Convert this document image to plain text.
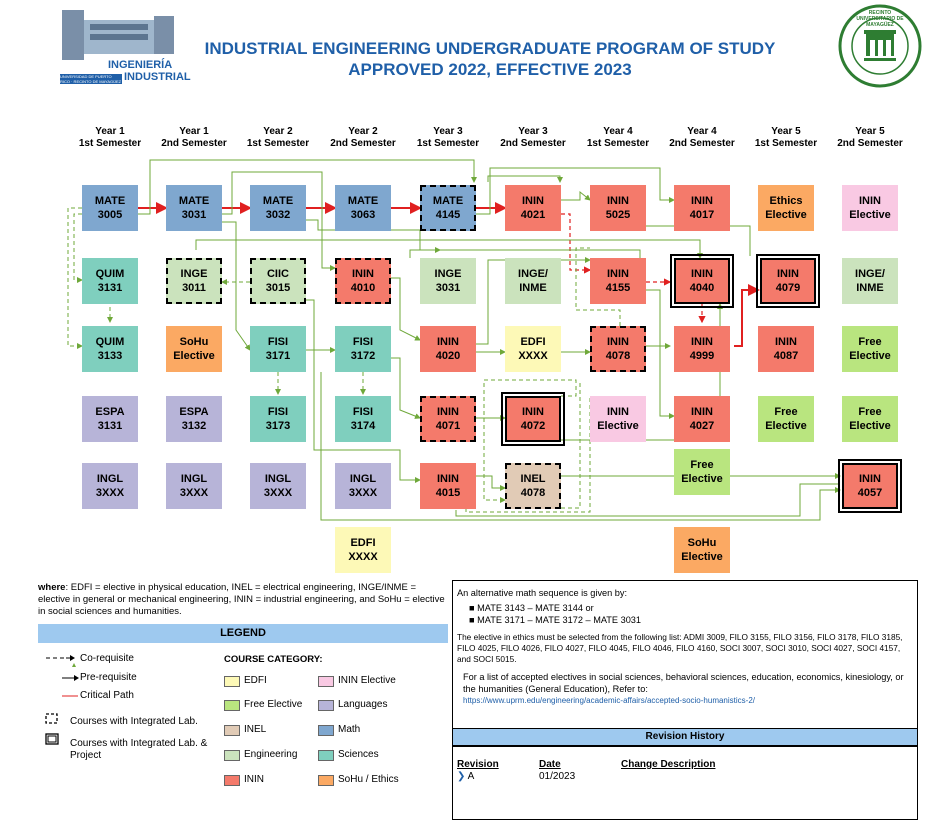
INGENIERÍA
INDUSTRIAL
UNIVERSIDAD DE PUERTO RICO · RECINTO DE MAYAGÜEZ
INDUSTRIAL ENGINEERING UNDERGRADUATE PROGRAM OF STUDY
APPROVED 2022, EFFECTIVE 2023
RECINTO UNIVERSITARIO DE MAYAGÜEZ
Year 1
1st Semester
Year 1
2nd Semester
Year 2
1st Semester
Year 2
2nd Semester
Year 3
1st Semester
Year 3
2nd Semester
Year 4
1st Semester
Year 4
2nd Semester
Year 5
1st Semester
Year 5
2nd Semester
MATE
3005
MATE
3031
MATE
3032
MATE
3063
MATE
4145
ININ
4021
ININ
5025
ININ
4017
Ethics
Elective
ININ
Elective
QUIM
3131
INGE
3011
CIIC
3015
ININ
4010
INGE
3031
INGE/
INME
ININ
4155
ININ
4040
ININ
4079
INGE/
INME
QUIM
3133
SoHu
Elective
FISI
3171
FISI
3172
ININ
4020
EDFI
XXXX
ININ
4078
ININ
4999
ININ
4087
Free
Elective
ESPA
3131
ESPA
3132
FISI
3173
FISI
3174
ININ
4071
ININ
4072
ININ
Elective
ININ
4027
Free
Elective
Free
Elective
Free
Elective
INGL
3XXX
INGL
3XXX
INGL
3XXX
INGL
3XXX
ININ
4015
INEL
4078
ININ
4057
EDFI
XXXX
SoHu
Elective
where: EDFI = elective in physical education, INEL = electrical engineering, INGE/INME = elective in general or mechanical engineering, ININ = industrial engineering, and SoHu = elective in social sciences and humanities.
LEGEND
Co-requisite
Pre-requisite
Critical Path
Courses with Integrated Lab.
Courses with Integrated Lab. & Project
COURSE CATEGORY:
EDFI	ININ Elective
Free Elective	Languages
INEL	Math
Engineering	Sciences
ININ	SoHu / Ethics
An alternative math sequence is given by:
■ MATE 3143 – MATE 3144 or
■ MATE 3171 – MATE 3172 – MATE 3031
The elective in ethics must be selected from the following list: ADMI 3009, FILO 3155, FILO 3156, FILO 3178, FILO 3185, FILO 4025, FILO 4026, FILO 4027, FILO 4045, FILO 4046, FILO 4160, SOCI 3007, SOCI 3010, SOCI 4027, SOCI 4157, and SOCI 5015.
For a list of accepted electives in social sciences, behavioral sciences, education, economics, kinesiology, or the humanities (General Education), Refer to:
https://www.uprm.edu/engineering/academic-affairs/accepted-socio-humanistics-2/
Revision History
Revision	Date	Change Description
❯ A	01/2023
